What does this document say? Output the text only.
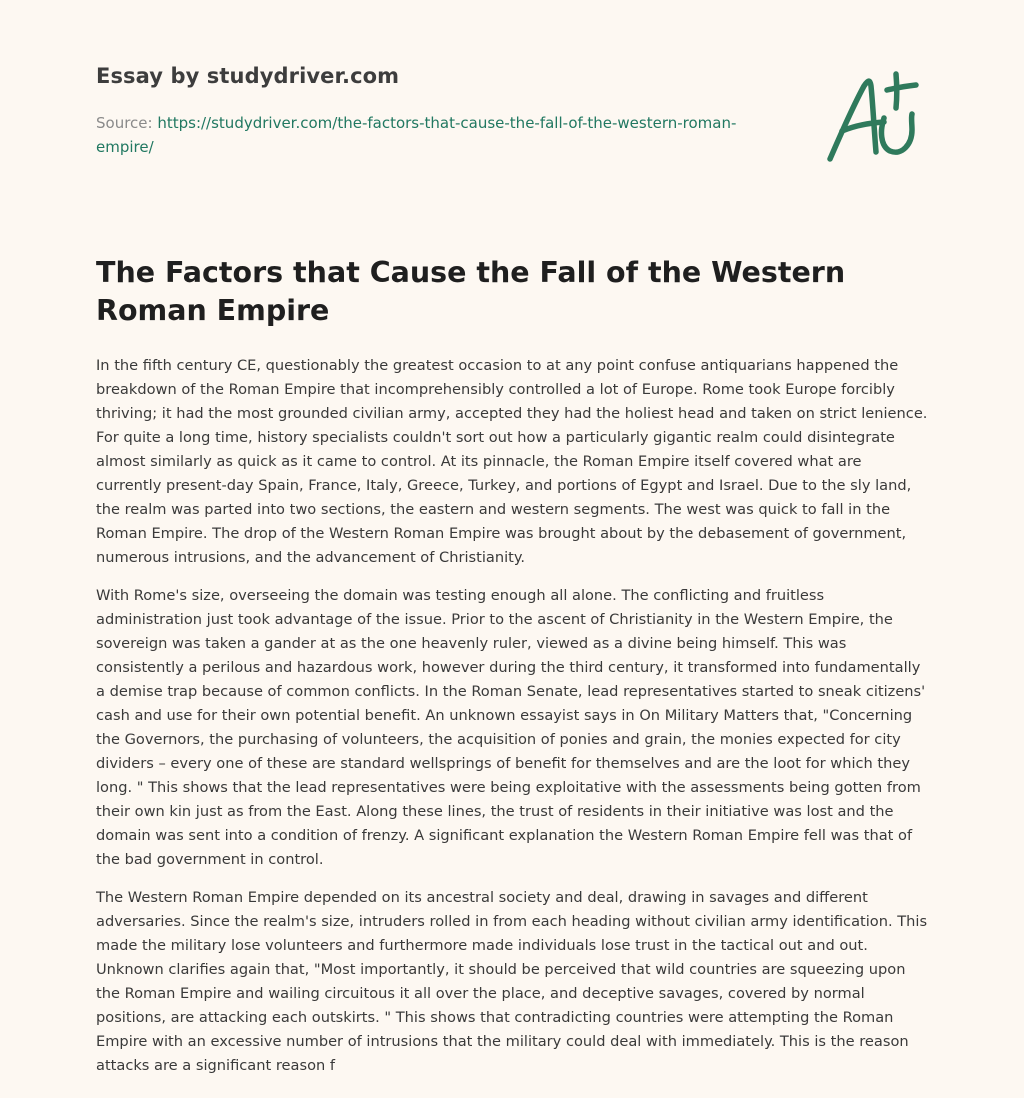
Essay by studydriver.com
Source: https://studydriver.com/the-factors-that-cause-the-fall-of-the-western-roman-empire/
The Factors that Cause the Fall of the Western Roman Empire

In the fifth century CE, questionably the greatest occasion to at any point confuse antiquarians happened the breakdown of the Roman Empire that incomprehensibly controlled a lot of Europe. Rome took Europe forcibly thriving; it had the most grounded civilian army, accepted they had the holiest head and taken on strict lenience. For quite a long time, history specialists couldn't sort out how a particularly gigantic realm could disintegrate almost similarly as quick as it came to control. At its pinnacle, the Roman Empire itself covered what are currently present-day Spain, France, Italy, Greece, Turkey, and portions of Egypt and Israel. Due to the sly land, the realm was parted into two sections, the eastern and western segments. The west was quick to fall in the Roman Empire. The drop of the Western Roman Empire was brought about by the debasement of government, numerous intrusions, and the advancement of Christianity.

With Rome's size, overseeing the domain was testing enough all alone. The conflicting and fruitless administration just took advantage of the issue. Prior to the ascent of Christianity in the Western Empire, the sovereign was taken a gander at as the one heavenly ruler, viewed as a divine being himself. This was consistently a perilous and hazardous work, however during the third century, it transformed into fundamentally a demise trap because of common conflicts. In the Roman Senate, lead representatives started to sneak citizens' cash and use for their own potential benefit. An unknown essayist says in On Military Matters that, "Concerning the Governors, the purchasing of volunteers, the acquisition of ponies and grain, the monies expected for city dividers – every one of these are standard wellsprings of benefit for themselves and are the loot for which they long. " This shows that the lead representatives were being exploitative with the assessments being gotten from their own kin just as from the East. Along these lines, the trust of residents in their initiative was lost and the domain was sent into a condition of frenzy. A significant explanation the Western Roman Empire fell was that of the bad government in control.

The Western Roman Empire depended on its ancestral society and deal, drawing in savages and different adversaries. Since the realm's size, intruders rolled in from each heading without civilian army identification. This made the military lose volunteers and furthermore made individuals lose trust in the tactical out and out. Unknown clarifies again that, "Most importantly, it should be perceived that wild countries are squeezing upon the Roman Empire and wailing circuitous it all over the place, and deceptive savages, covered by normal positions, are attacking each outskirts. " This shows that contradicting countries were attempting the Roman Empire with an excessive number of intrusions that the military could deal with immediately. This is the reason attacks are a significant reason f
